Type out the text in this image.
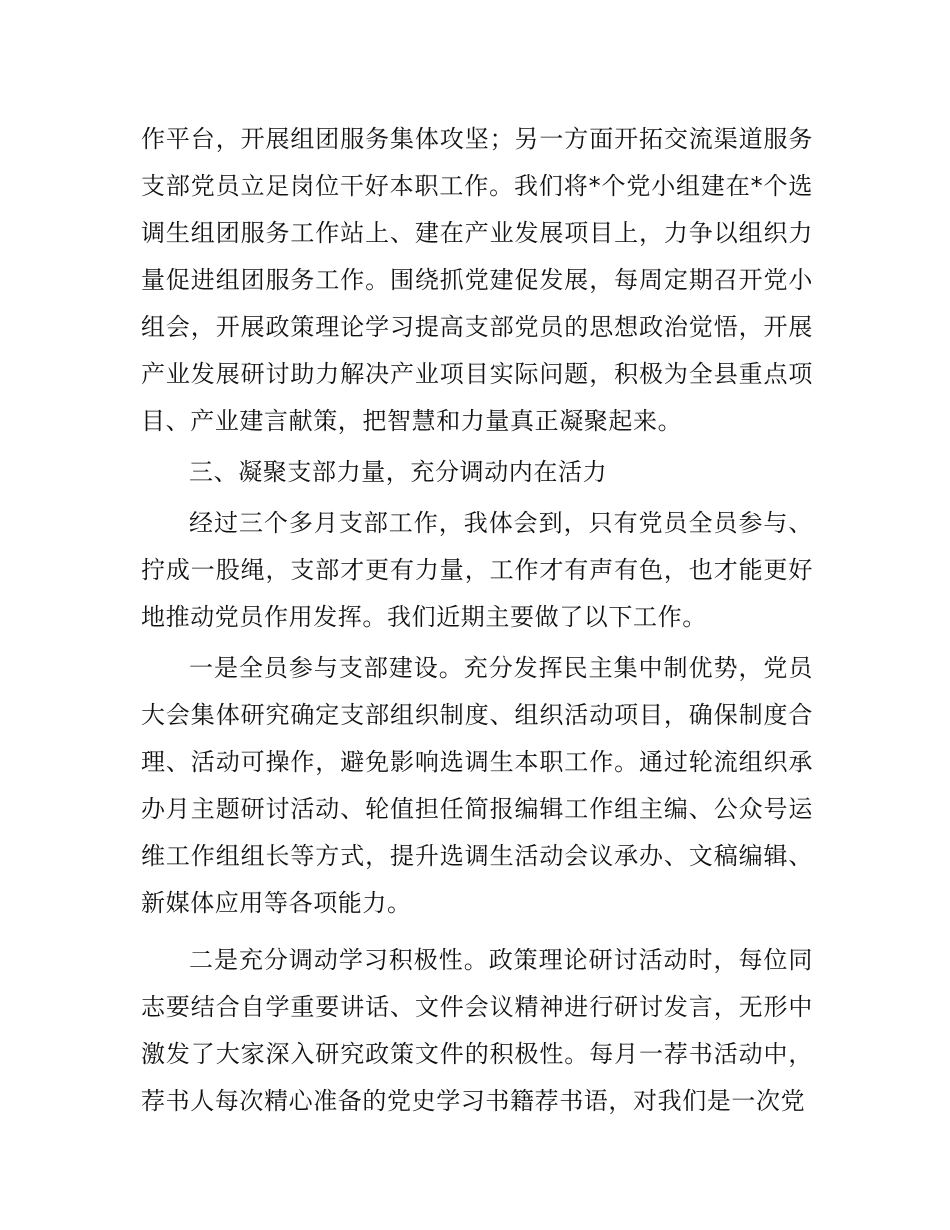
作平台，开展组团服务集体攻坚；另一方面开拓交流渠道服务支部党员立足岗位干好本职工作。我们将*个党小组建在*个选调生组团服务工作站上、建在产业发展项目上，力争以组织力量促进组团服务工作。围绕抓党建促发展，每周定期召开党小组会，开展政策理论学习提高支部党员的思想政治觉悟，开展产业发展研讨助力解决产业项目实际问题，积极为全县重点项目、产业建言献策，把智慧和力量真正凝聚起来。

三、凝聚支部力量，充分调动内在活力

经过三个多月支部工作，我体会到，只有党员全员参与、拧成一股绳，支部才更有力量，工作才有声有色，也才能更好地推动党员作用发挥。我们近期主要做了以下工作。

一是全员参与支部建设。充分发挥民主集中制优势，党员大会集体研究确定支部组织制度、组织活动项目，确保制度合理、活动可操作，避免影响选调生本职工作。通过轮流组织承办月主题研讨活动、轮值担任简报编辑工作组主编、公众号运维工作组组长等方式，提升选调生活动会议承办、文稿编辑、新媒体应用等各项能力。

二是充分调动学习积极性。政策理论研讨活动时，每位同志要结合自学重要讲话、文件会议精神进行研讨发言，无形中激发了大家深入研究政策文件的积极性。每月一荐书活动中，荐书人每次精心准备的党史学习书籍荐书语，对我们是一次党
